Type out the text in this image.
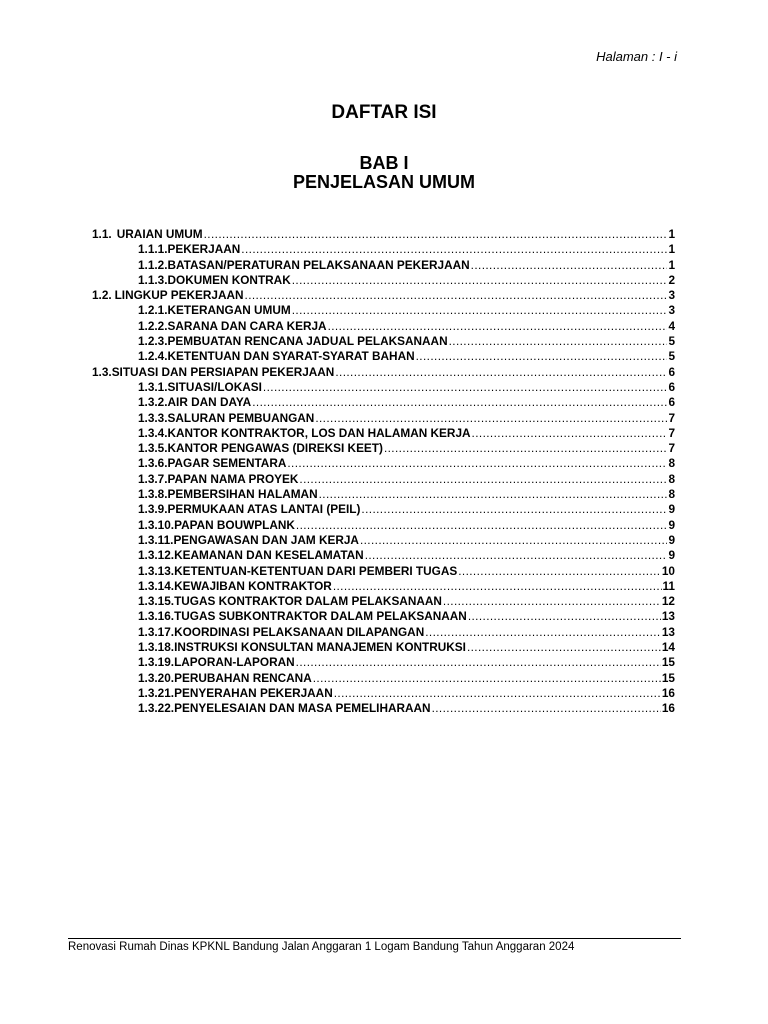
Halaman : I - i
DAFTAR ISI
BAB I
PENJELASAN UMUM
1.1. URAIAN UMUM .....	1
1.1.1. PEKERJAAN .....	1
1.1.2. BATASAN/PERATURAN PELAKSANAAN PEKERJAAN .....	1
1.1.3. DOKUMEN KONTRAK .....	2
1.2. LINGKUP PEKERJAAN .....	3
1.2.1. KETERANGAN UMUM .....	3
1.2.2. SARANA DAN CARA KERJA .....	4
1.2.3. PEMBUATAN RENCANA JADUAL PELAKSANAAN .....	5
1.2.4. KETENTUAN DAN SYARAT-SYARAT BAHAN .....	5
1.3. SITUASI DAN PERSIAPAN PEKERJAAN .....	6
1.3.1. SITUASI/LOKASI .....	6
1.3.2. AIR DAN DAYA .....	6
1.3.3. SALURAN PEMBUANGAN .....	7
1.3.4. KANTOR KONTRAKTOR, LOS DAN HALAMAN KERJA .....	7
1.3.5. KANTOR PENGAWAS (DIREKSI KEET) .....	7
1.3.6. PAGAR SEMENTARA .....	8
1.3.7. PAPAN NAMA PROYEK .....	8
1.3.8. PEMBERSIHAN HALAMAN .....	8
1.3.9. PERMUKAAN ATAS LANTAI (PEIL) .....	9
1.3.10. PAPAN BOUWPLANK .....	9
1.3.11. PENGAWASAN DAN JAM KERJA .....	9
1.3.12. KEAMANAN DAN KESELAMATAN .....	9
1.3.13. KETENTUAN-KETENTUAN DARI PEMBERI TUGAS .....	10
1.3.14. KEWAJIBAN KONTRAKTOR .....	11
1.3.15. TUGAS KONTRAKTOR DALAM PELAKSANAAN .....	12
1.3.16. TUGAS SUBKONTRAKTOR DALAM PELAKSANAAN .....	13
1.3.17. KOORDINASI PELAKSANAAN DILAPANGAN .....	13
1.3.18. INSTRUKSI KONSULTAN MANAJEMEN KONTRUKSI .....	14
1.3.19. LAPORAN-LAPORAN .....	15
1.3.20. PERUBAHAN RENCANA .....	15
1.3.21. PENYERAHAN PEKERJAAN .....	16
1.3.22. PENYELESAIAN DAN MASA PEMELIHARAAN .....	16
Renovasi Rumah Dinas KPKNL Bandung Jalan Anggaran 1 Logam Bandung Tahun Anggaran 2024
